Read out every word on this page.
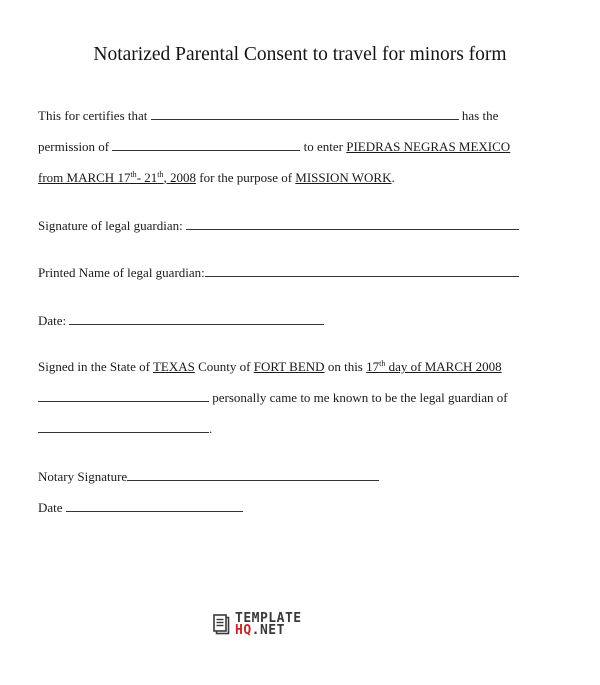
Notarized Parental Consent to travel for minors form
This for certifies that	has the
permission of	to enter PIEDRAS NEGRAS MEXICO
from MARCH 17th- 21th, 2008 for the purpose of MISSION WORK.
Signature of legal guardian:
Printed Name of legal guardian:
Date:
Signed in the State of TEXAS County of FORT BEND on this 17th day of MARCH 2008
personally came to me known to be the legal guardian of
.
Notary Signature
Date
TEMPLATE
HQ.NET
